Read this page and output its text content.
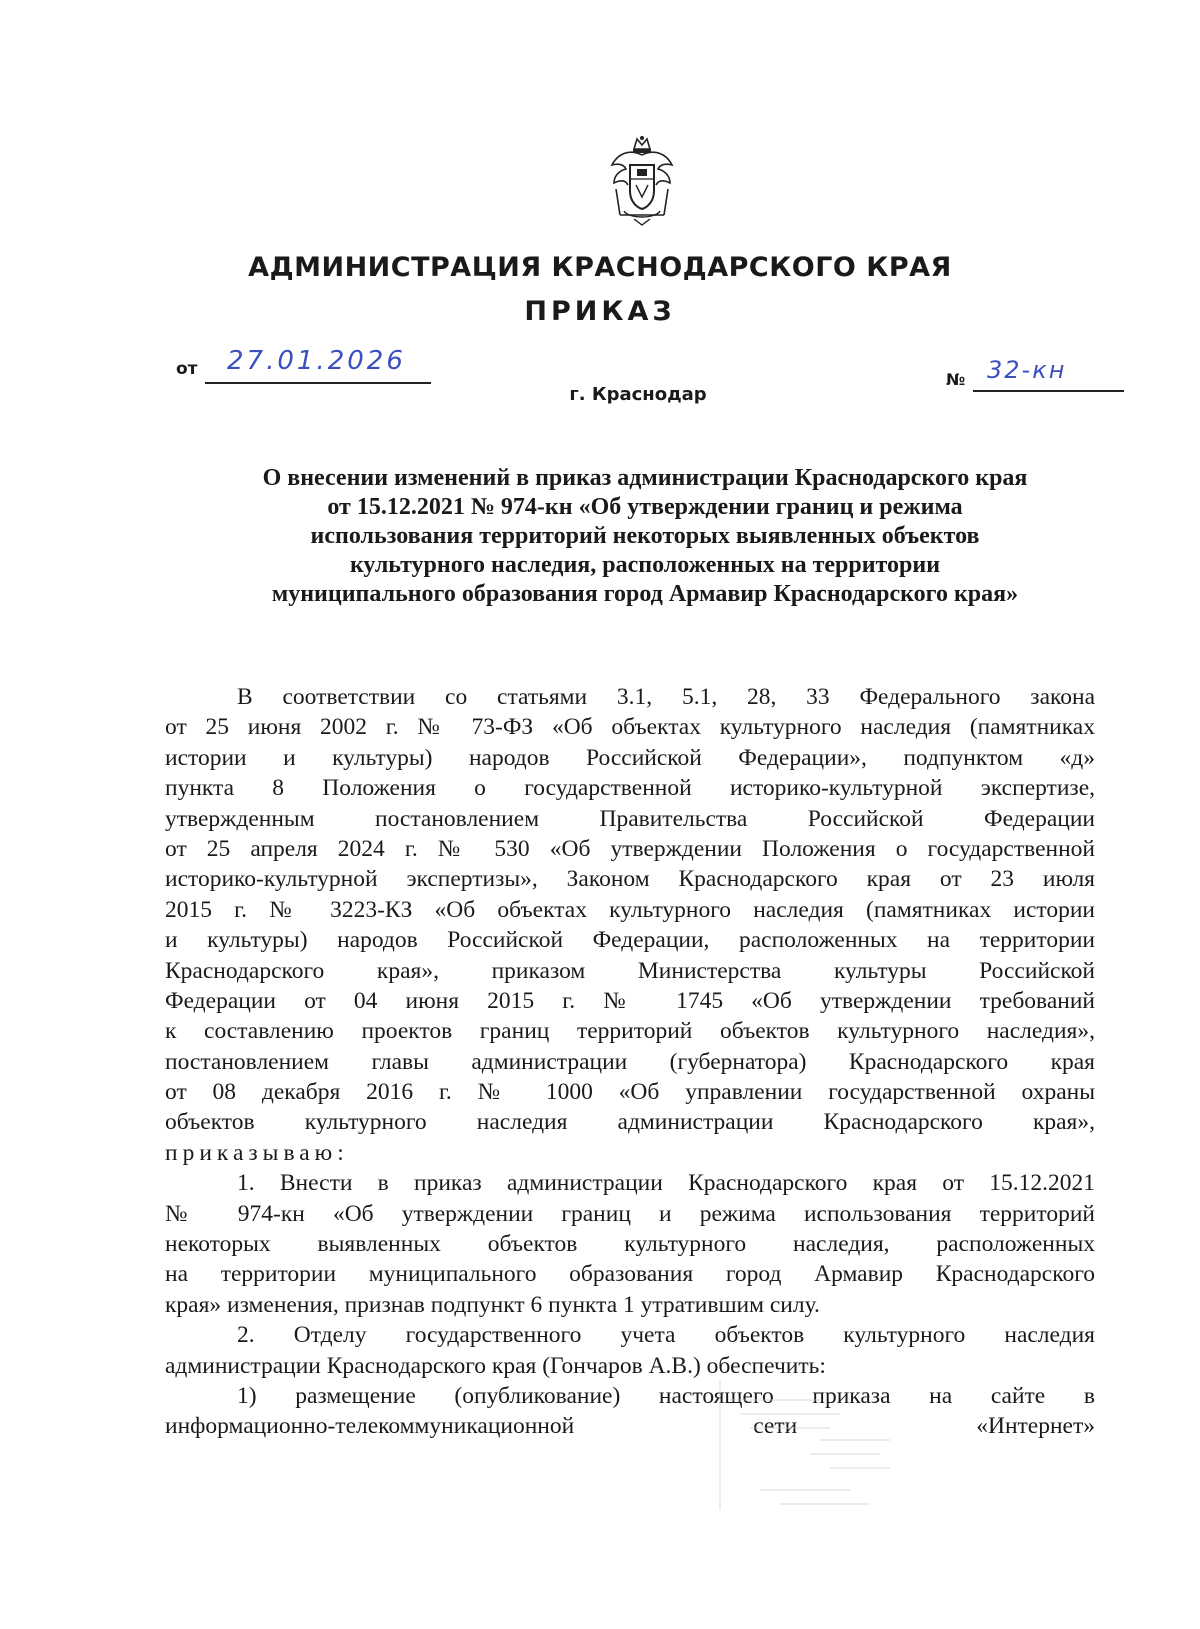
АДМИНИСТРАЦИЯ КРАСНОДАРСКОГО КРАЯ
ПРИКАЗ
от 27.01.2026
г. Краснодар
№ 32-кн
О внесении изменений в приказ администрации Краснодарского края
от 15.12.2021 № 974-кн «Об утверждении границ и режима
использования территорий некоторых выявленных объектов
культурного наследия, расположенных на территории
муниципального образования город Армавир Краснодарского края»
В соответствии со статьями 3.1, 5.1, 28, 33 Федерального закона
от 25 июня 2002 г. № 73-ФЗ «Об объектах культурного наследия (памятниках
истории и культуры) народов Российской Федерации», подпунктом «д»
пункта 8 Положения о государственной историко-культурной экспертизе,
утвержденным постановлением Правительства Российской Федерации
от 25 апреля 2024 г. № 530 «Об утверждении Положения о государственной
историко-культурной экспертизы», Законом Краснодарского края от 23 июля
2015 г. № 3223-КЗ «Об объектах культурного наследия (памятниках истории
и культуры) народов Российской Федерации, расположенных на территории
Краснодарского края», приказом Министерства культуры Российской
Федерации от 04 июня 2015 г. № 1745 «Об утверждении требований
к составлению проектов границ территорий объектов культурного наследия»,
постановлением главы администрации (губернатора) Краснодарского края
от 08 декабря 2016 г. № 1000 «Об управлении государственной охраны
объектов культурного наследия администрации Краснодарского края»,
приказываю:
1. Внести в приказ администрации Краснодарского края от 15.12.2021
№ 974-кн «Об утверждении границ и режима использования территорий
некоторых выявленных объектов культурного наследия, расположенных
на территории муниципального образования город Армавир Краснодарского
края» изменения, признав подпункт 6 пункта 1 утратившим силу.
2. Отделу государственного учета объектов культурного наследия
администрации Краснодарского края (Гончаров А.В.) обеспечить:
1) размещение (опубликование) настоящего приказа на сайте в
информационно-телекоммуникационной сети «Интернет»
